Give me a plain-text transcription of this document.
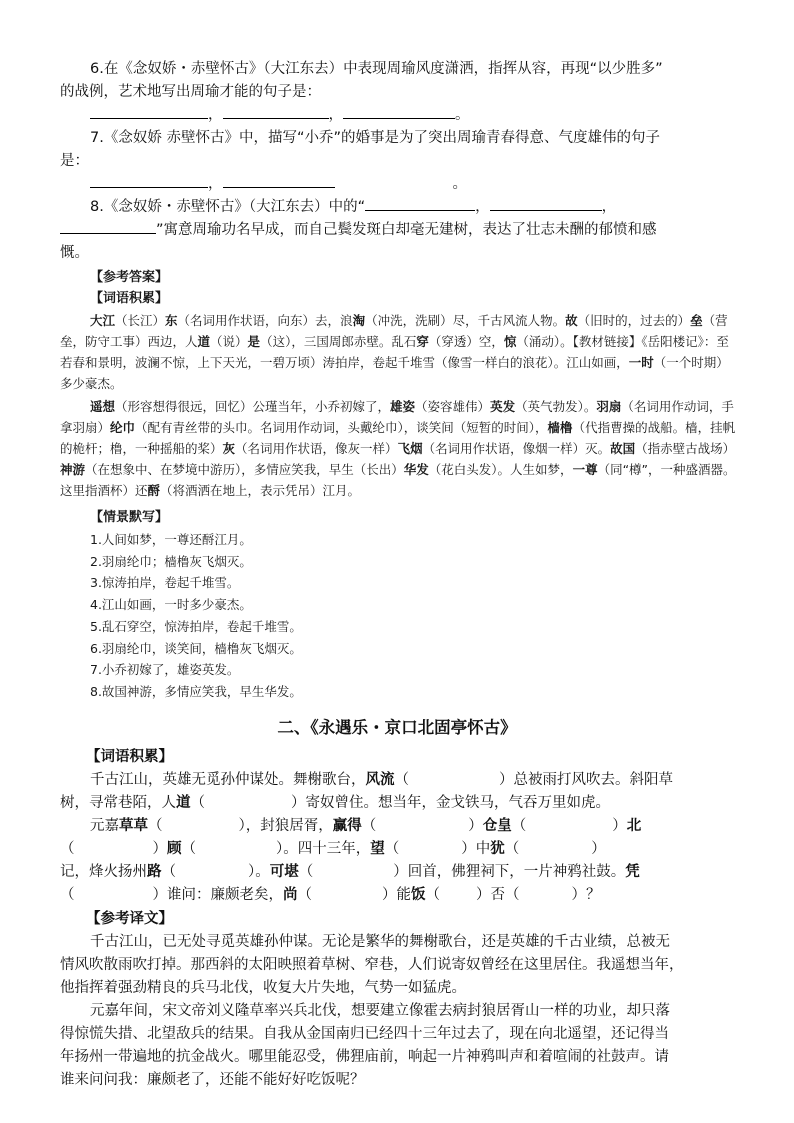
6.在《念奴娇・赤壁怀古》（大江东去）中表现周瑜风度潇洒，指挥从容，再现“以少胜多”

的战例，艺术地写出周瑜才能的句子是：

，	，	。

7.《念奴娇 赤壁怀古》中，描写“小乔”的婚事是为了突出周瑜青春得意、气度雄伟的句子

是：

，	。

8.《念奴娇・赤壁怀古》（大江东去）中的“	，	，

”寓意周瑜功名早成，而自己鬓发斑白却毫无建树，表达了壮志未酬的郁愤和感

慨。

【参考答案】

【词语积累】

大江（长江）东（名词用作状语，向东）去，浪淘（冲洗，洗刷）尽，千古风流人物。故（旧时的，过去的）垒（营垒，防守工事）西边，人道（说）是（这），三国周郎赤壁。乱石穿（穿透）空，惊（涌动）。【教材链接】《岳阳楼记》：至若春和景明，波澜不惊，上下天光，一碧万顷）涛拍岸，卷起千堆雪（像雪一样白的浪花）。江山如画，一时（一个时期）多少豪杰。

遥想（形容想得很远，回忆）公瑾当年，小乔初嫁了，雄姿（姿容雄伟）英发（英气勃发）。羽扇（名词用作动词，手拿羽扇）纶巾（配有青丝带的头巾。名词用作动词，头戴纶巾），谈笑间（短暂的时间），樯橹（代指曹操的战船。樯，挂帆的桅杆；橹，一种摇船的桨）灰（名词用作状语，像灰一样）飞烟（名词用作状语，像烟一样）灭。故国（指赤壁古战场）神游（在想象中、在梦境中游历），多情应笑我，早生（长出）华发（花白头发）。人生如梦，一尊（同“樽”，一种盛酒器。这里指酒杯）还酹（将酒洒在地上，表示凭吊）江月。

【情景默写】

1.人间如梦，一尊还酹江月。

2.羽扇纶巾；樯橹灰飞烟灭。

3.惊涛拍岸，卷起千堆雪。

4.江山如画，一时多少豪杰。

5.乱石穿空，惊涛拍岸，卷起千堆雪。

6.羽扇纶巾，谈笑间，樯橹灰飞烟灭。

7.小乔初嫁了，雄姿英发。

8.故国神游，多情应笑我，早生华发。

二、《永遇乐・京口北固亭怀古》

【词语积累】

千古江山，英雄无觅孙仲谋处。舞榭歌台，风流（	）总被雨打风吹去。斜阳草

树，寻常巷陌，人道（	）寄奴曾住。想当年，金戈铁马，气吞万里如虎。

元嘉草草（	），封狼居胥，赢得（	）仓皇（	）北

（	）顾（	）。四十三年，望（	）中犹（	）

记，烽火扬州路（	）。可堪（	）回首，佛狸祠下，一片神鸦社鼓。凭

（	）谁问：廉颇老矣，尚（	）能饭（ ）否（	）？

【参考译文】

千古江山，已无处寻觅英雄孙仲谋。无论是繁华的舞榭歌台，还是英雄的千古业绩，总被无

情风吹散雨吹打掉。那西斜的太阳映照着草树、窄巷，人们说寄奴曾经在这里居住。我遥想当年，

他指挥着强劲精良的兵马北伐，收复大片失地，气势一如猛虎。

元嘉年间，宋文帝刘义隆草率兴兵北伐，想要建立像霍去病封狼居胥山一样的功业，却只落

得惊慌失措、北望敌兵的结果。自我从金国南归已经四十三年过去了，现在向北遥望，还记得当

年扬州一带遍地的抗金战火。哪里能忍受，佛狸庙前，响起一片神鸦叫声和着喧闹的社鼓声。请

谁来问问我：廉颇老了，还能不能好好吃饭呢？
